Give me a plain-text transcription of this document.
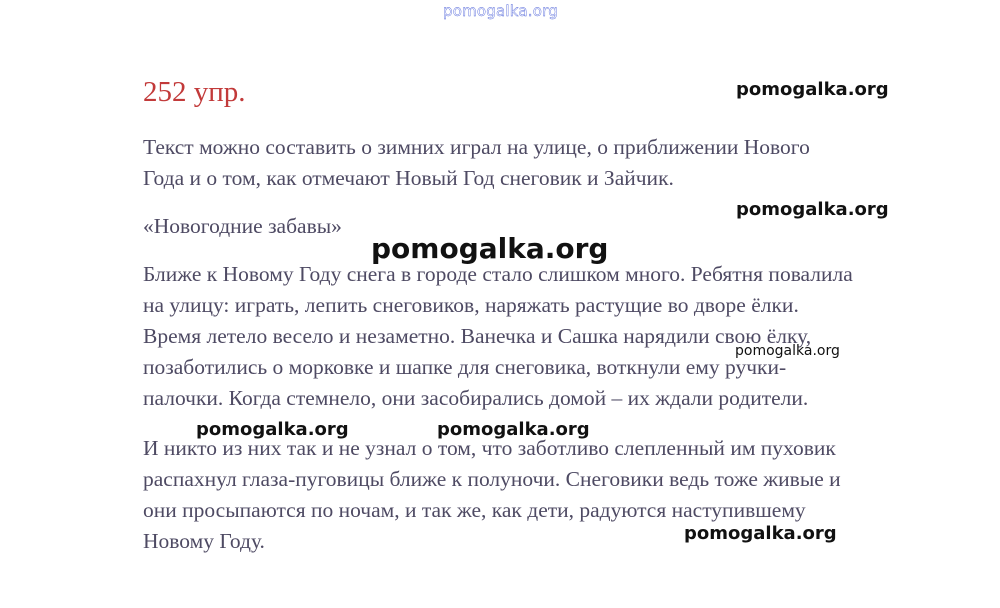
pomogalka.org
252 упр.

Текст можно составить о зимних играл на улице, о приближении Нового
Года и о том, как отмечают Новый Год снеговик и Зайчик.

«Новогодние забавы»

Ближе к Новому Году снега в городе стало слишком много. Ребятня повалила
на улицу: играть, лепить снеговиков, наряжать растущие во дворе ёлки.
Время летело весело и незаметно. Ванечка и Сашка нарядили свою ёлку,
позаботились о морковке и шапке для снеговика, воткнули ему ручки-
палочки. Когда стемнело, они засобирались домой – их ждали родители.

И никто из них так и не узнал о том, что заботливо слепленный им пуховик
распахнул глаза-пуговицы ближе к полуночи. Снеговики ведь тоже живые и
они просыпаются по ночам, и так же, как дети, радуются наступившему
Новому Году.

pomogalka.org
pomogalka.org
pomogalka.org
pomogalka.org
pomogalka.org	pomogalka.org
pomogalka.org
